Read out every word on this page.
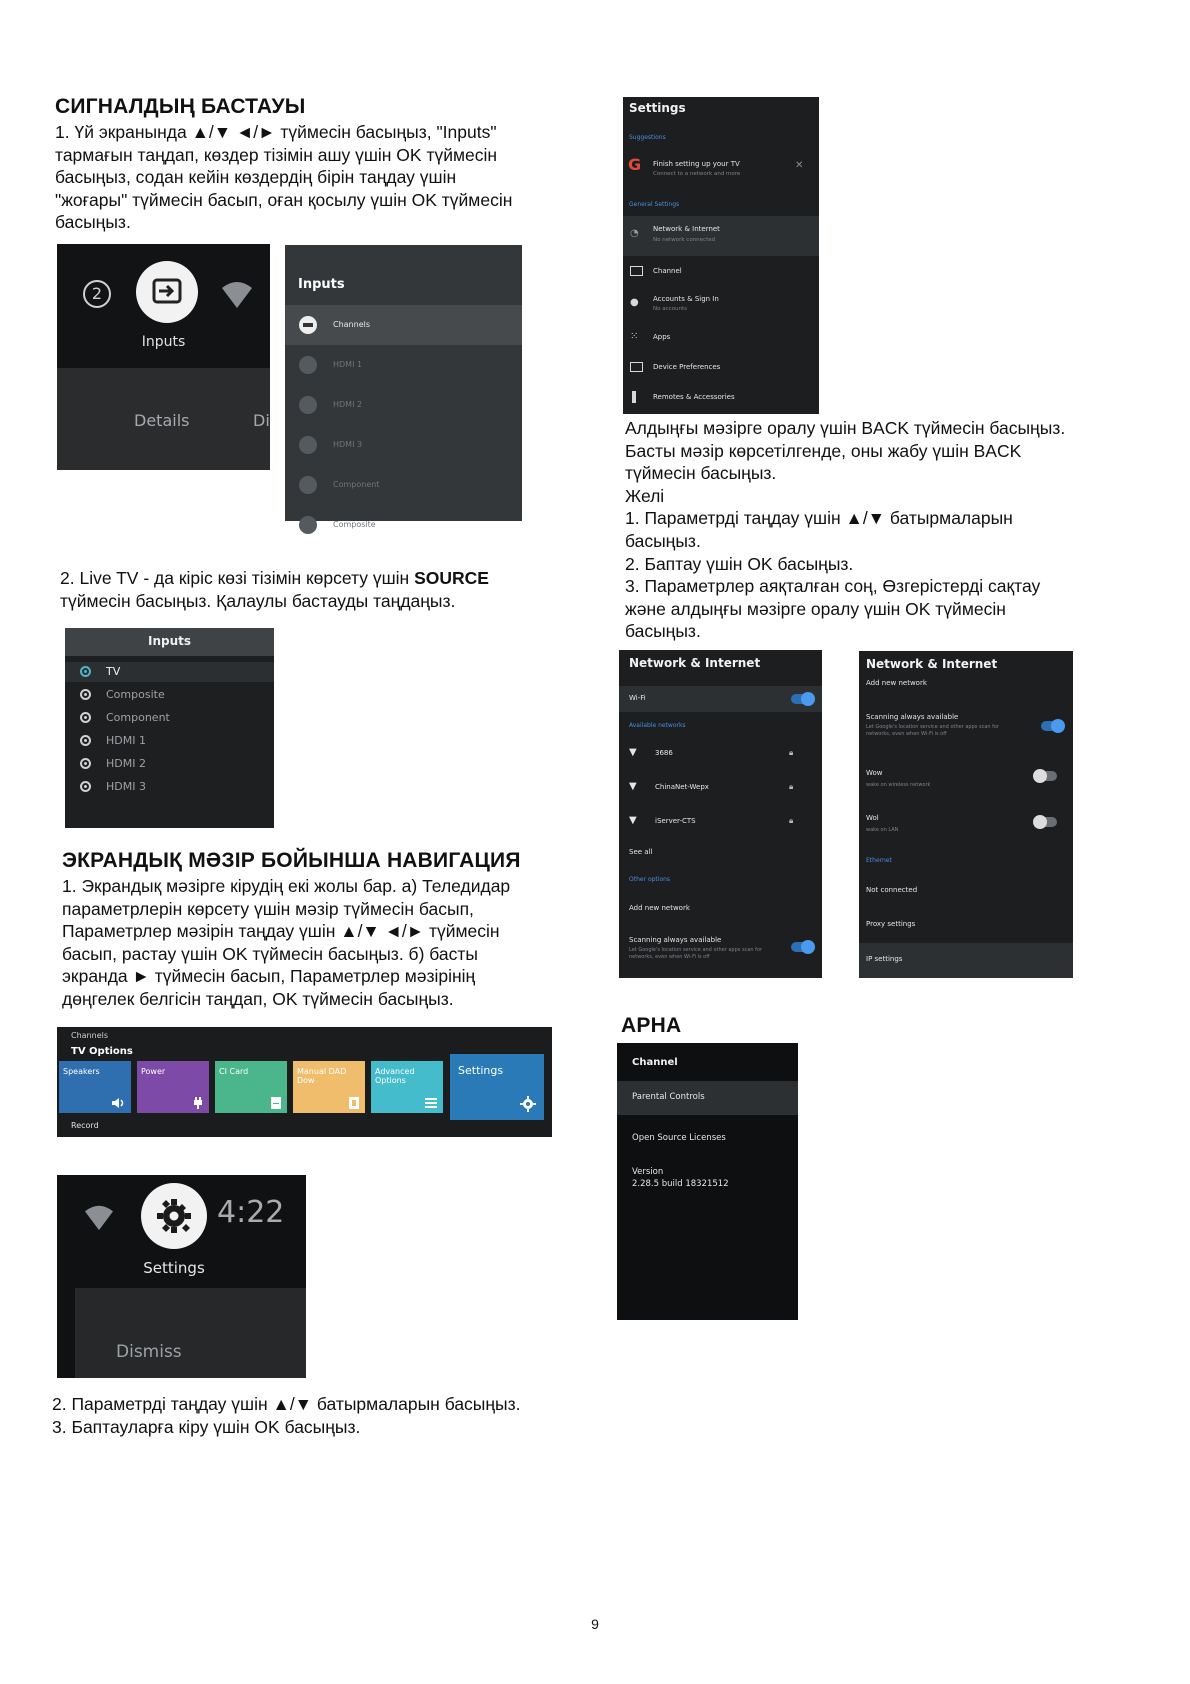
СИГНАЛДЫҢ БАСТАУЫ
1. Үй экранында ▲/▼ ◄/► түймесін басыңыз, "Inputs"
тармағын таңдап, көздер тізімін ашу үшін OK түймесін
басыңыз, содан кейін көздердің бірін таңдау үшін
"жоғары" түймесін басып, оған қосылу үшін OK түймесін
басыңыз.
2
Inputs
Details	Di
Inputs
Channels
HDMI 1
HDMI 2
HDMI 3
Component
Composite
2. Live TV - да кіріс көзі тізімін көрсету үшін SOURCE
түймесін басыңыз. Қалаулы бастауды таңдаңыз.
Inputs
TV
Composite
Component
HDMI 1
HDMI 2
HDMI 3
ЭКРАНДЫҚ МӘЗІР БОЙЫНША НАВИГАЦИЯ
1. Экрандық мәзірге кірудің екі жолы бар. а) Теледидар
параметрлерін көрсету үшін мәзір түймесін басып,
Параметрлер мәзірін таңдау үшін ▲/▼ ◄/► түймесін
басып, растау үшін OK түймесін басыңыз. б) басты
экранда ► түймесін басып, Параметрлер мәзірінің
дөңгелек белгісін таңдап, OK түймесін басыңыз.
Channels
TV Options
Speakers	Power	CI Card	Manual DAD Dow
Advanced Options
Settings
Record
4:22
Settings
Dismiss
2. Параметрді таңдау үшін ▲/▼ батырмаларын басыңыз.
3. Баптауларға кіру үшін OK басыңыз.
Settings
Suggestions
G Finish setting up your TV
Connect to a network and more
✕
General Settings
◔ Network & Internet
No network connected
Channel
● Accounts & Sign In
No accounts
⁙ Apps
Device Preferences
Remotes & Accessories
Алдыңғы мәзірге оралу үшін BACK түймесін басыңыз.
Басты мәзір көрсетілгенде, оны жабу үшін BACK
түймесін басыңыз.
Желі
1. Параметрді таңдау үшін ▲/▼ батырмаларын
басыңыз.
2. Баптау үшін OK басыңыз.
3. Параметрлер аяқталған соң, Өзгерістерді сақтау
және алдыңғы мәзірге оралу үшін OK түймесін
басыңыз.
Network & Internet
Wi-Fi
Available networks
▼	3686	🔒︎
▼	ChinaNet-Wepx	🔒︎
▼	iServer-CTS	🔒︎
See all
Other options
Add new network
Scanning always available
Let Google's location service and other apps scan for networks, even when Wi-Fi is off
Network & Internet
Add new network
Scanning always available
Let Google's location service and other apps scan for networks, even when Wi-Fi is off
Wow
wake on wireless network
Wol
wake on LAN
Ethernet
Not connected
Proxy settings
IP settings
АРНА
Channel
Parental Controls
Open Source Licenses
Version
2.28.5 build 18321512
9
